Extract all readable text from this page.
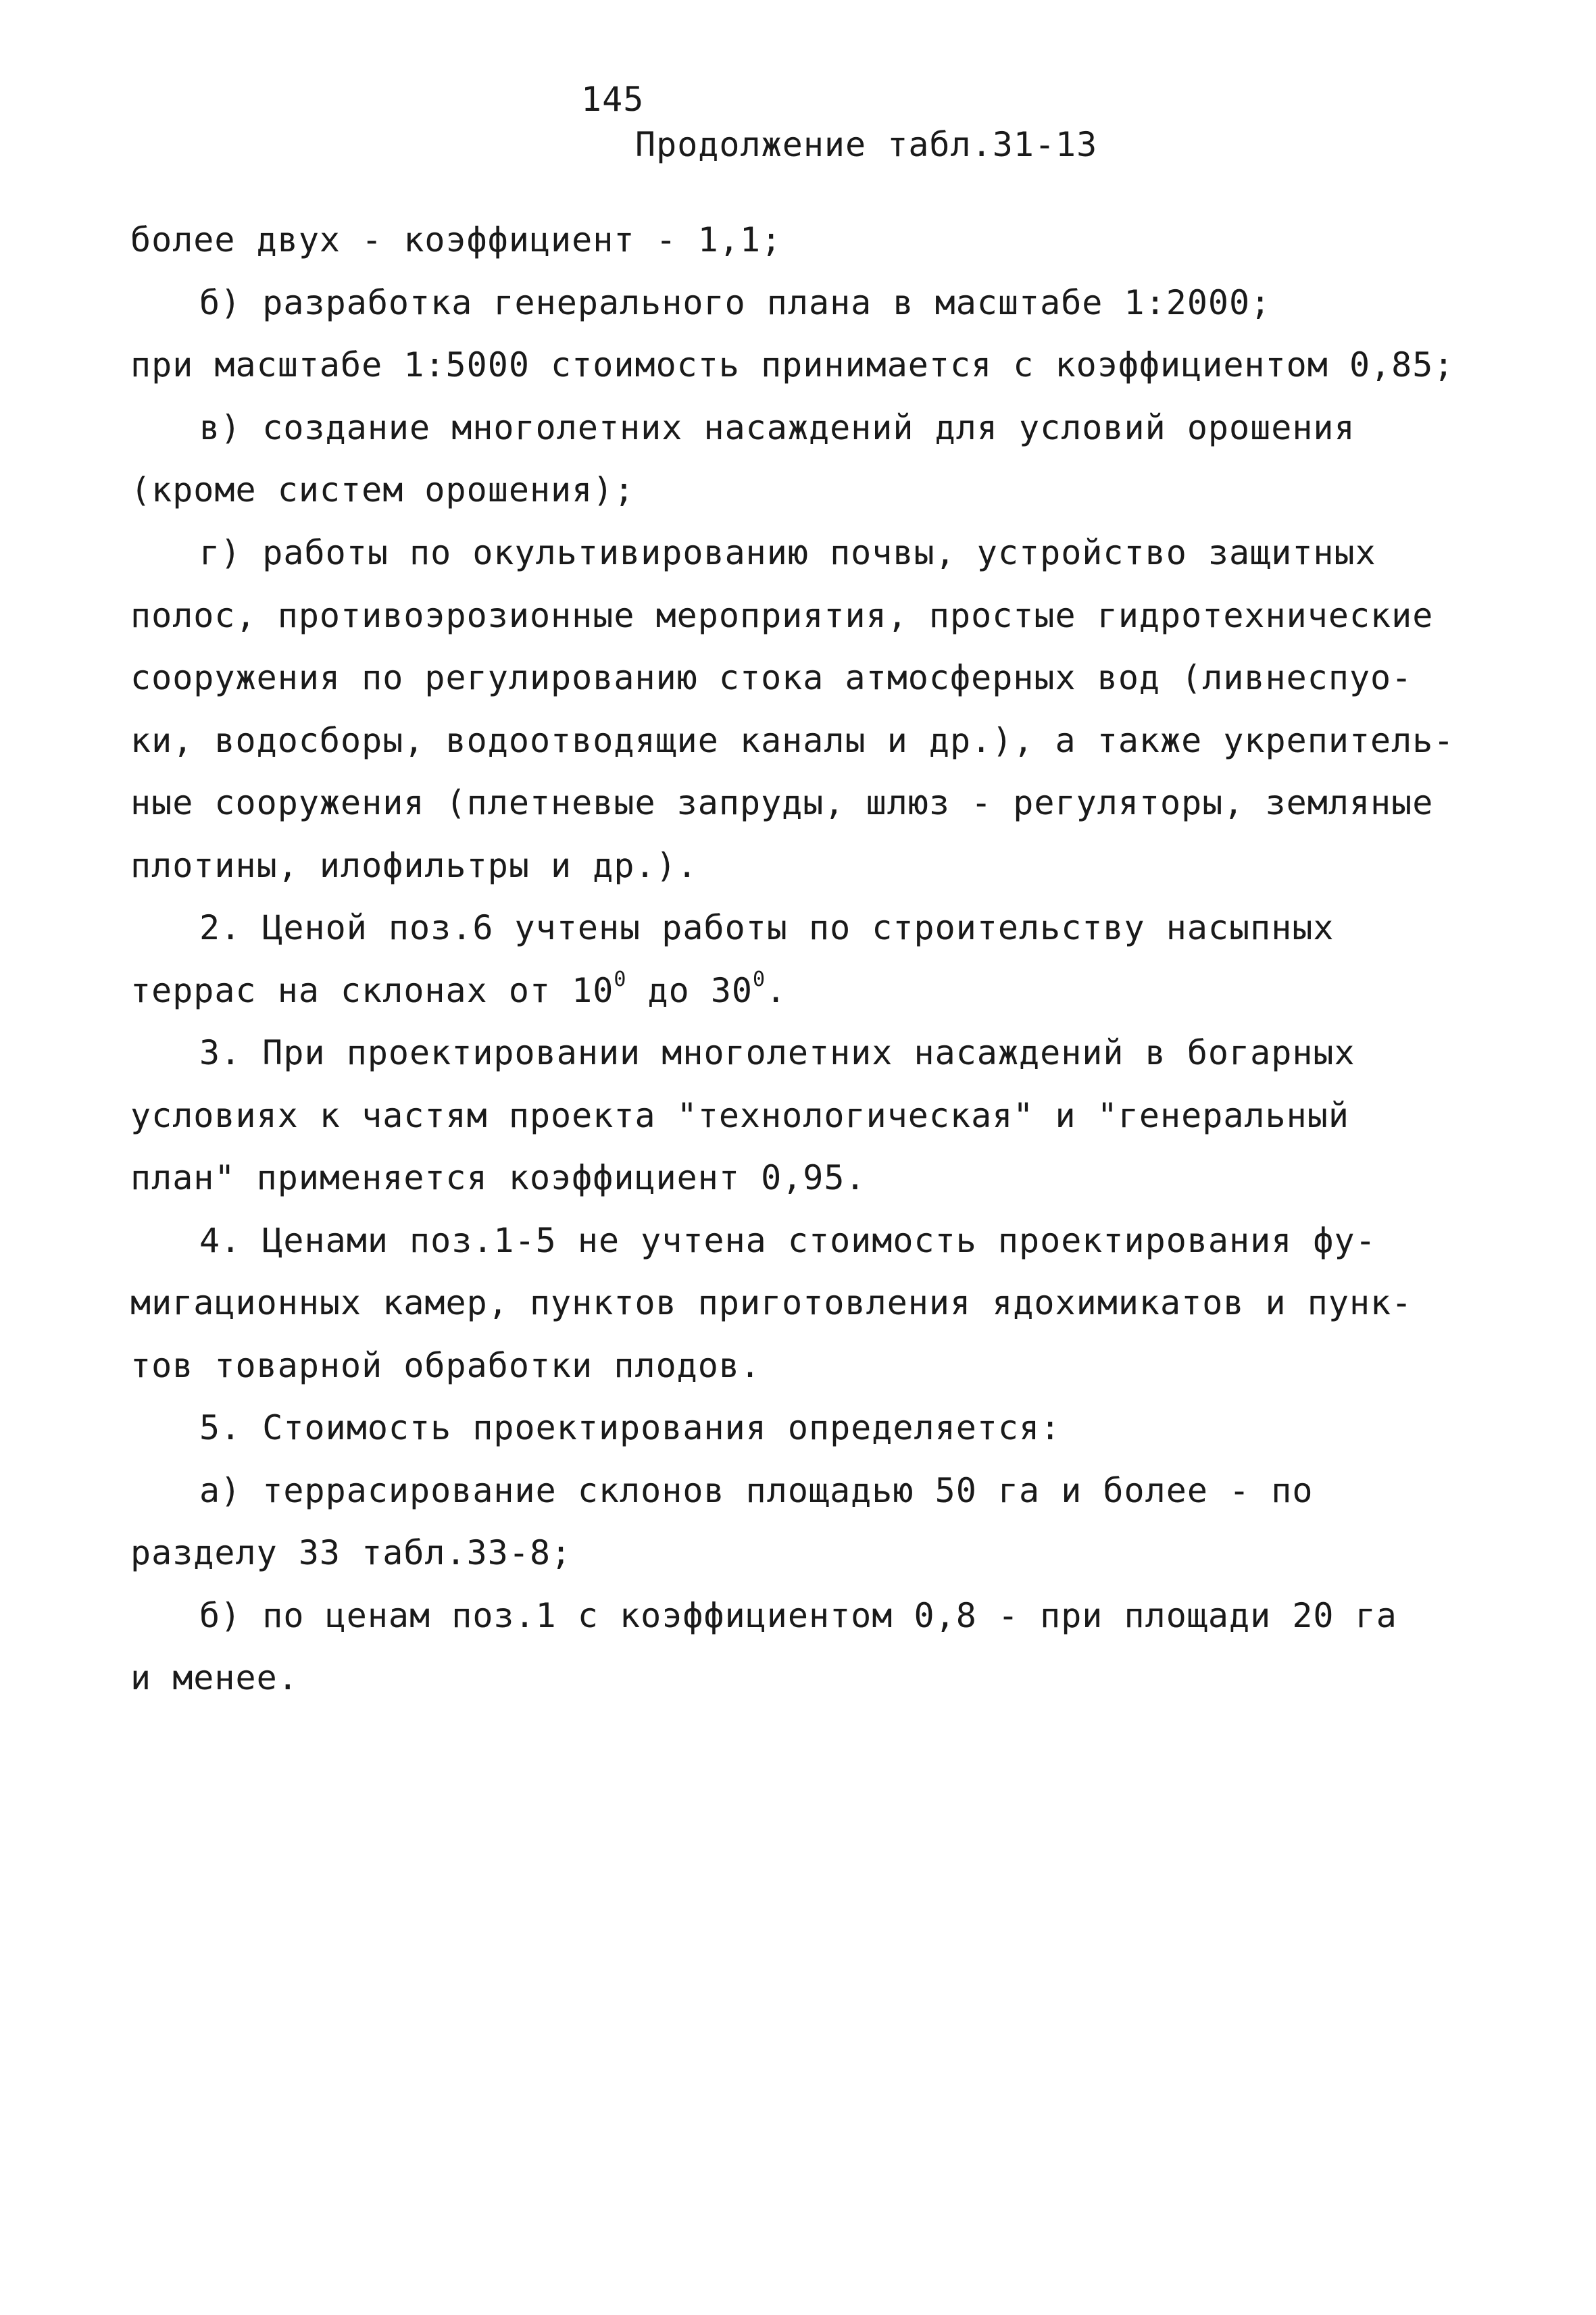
145
Продолжение табл.31-13
более двух - коэффициент - 1,1;
б) разработка генерального плана в масштабе 1:2000;
при масштабе 1:5000 стоимость принимается с коэффициентом 0,85;
в) создание многолетних насаждений для условий орошения
(кроме систем орошения);
г) работы по окультивированию почвы, устройство защитных
полос, противоэрозионные мероприятия, простые гидротехнические
сооружения по регулированию стока атмосферных вод (ливнеспуо-
ки, водосборы, водоотводящие каналы и др.), а также укрепитель-
ные сооружения (плетневые запруды, шлюз - регуляторы, земляные
плотины, илофильтры и др.).
2. Ценой поз.6 учтены работы по строительству насыпных
террас на склонах от $10^0$ до $30^0$.
3. При проектировании многолетних насаждений в богарных
условиях к частям проекта "технологическая" и "генеральный
план" применяется коэффициент 0,95.
4. Ценами поз.1-5 не учтена стоимость проектирования фу-
мигационных камер, пунктов приготовления ядохимикатов и пунк-
тов товарной обработки плодов.
5. Стоимость проектирования определяется:
а) террасирование склонов площадью 50 га и более - по
разделу 33 табл.33-8;
б) по ценам поз.1 с коэффициентом 0,8 - при площади 20 га
и менее.
